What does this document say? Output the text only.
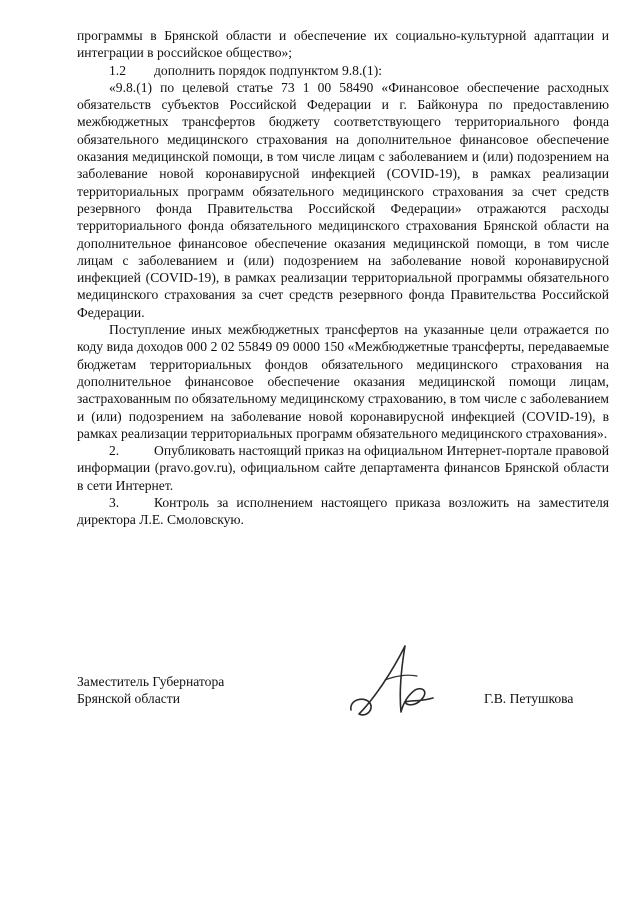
программы в Брянской области и обеспечение их социально-культурной адаптации и интеграции в российское общество»;

1.2 дополнить порядок подпунктом 9.8.(1):

«9.8.(1) по целевой статье 73 1 00 58490 «Финансовое обеспечение расходных обязательств субъектов Российской Федерации и г. Байконура по предоставлению межбюджетных трансфертов бюджету соответствующего территориального фонда обязательного медицинского страхования на дополнительное финансовое обеспечение оказания медицинской помощи, в том числе лицам с заболеванием и (или) подозрением на заболевание новой коронавирусной инфекцией (COVID-19), в рамках реализации территориальных программ обязательного медицинского страхования за счет средств резервного фонда Правительства Российской Федерации» отражаются расходы территориального фонда обязательного медицинского страхования Брянской области на дополнительное финансовое обеспечение оказания медицинской помощи, в том числе лицам с заболеванием и (или) подозрением на заболевание новой коронавирусной инфекцией (COVID-19), в рамках реализации территориальной программы обязательного медицинского страхования за счет средств резервного фонда Правительства Российской Федерации.

Поступление иных межбюджетных трансфертов на указанные цели отражается по коду вида доходов 000 2 02 55849 09 0000 150 «Межбюджетные трансферты, передаваемые бюджетам территориальных фондов обязательного медицинского страхования на дополнительное финансовое обеспечение оказания медицинской помощи лицам, застрахованным по обязательному медицинскому страхованию, в том числе с заболеванием и (или) подозрением на заболевание новой коронавирусной инфекцией (COVID-19), в рамках реализации территориальных программ обязательного медицинского страхования».

2.	Опубликовать настоящий приказ на официальном Интернет-портале правовой информации (pravo.gov.ru), официальном сайте департамента финансов Брянской области в сети Интернет.

3.	Контроль за исполнением настоящего приказа возложить на заместителя директора Л.Е. Смоловскую.

Заместитель Губернатора
Брянской области	Г.В. Петушкова
